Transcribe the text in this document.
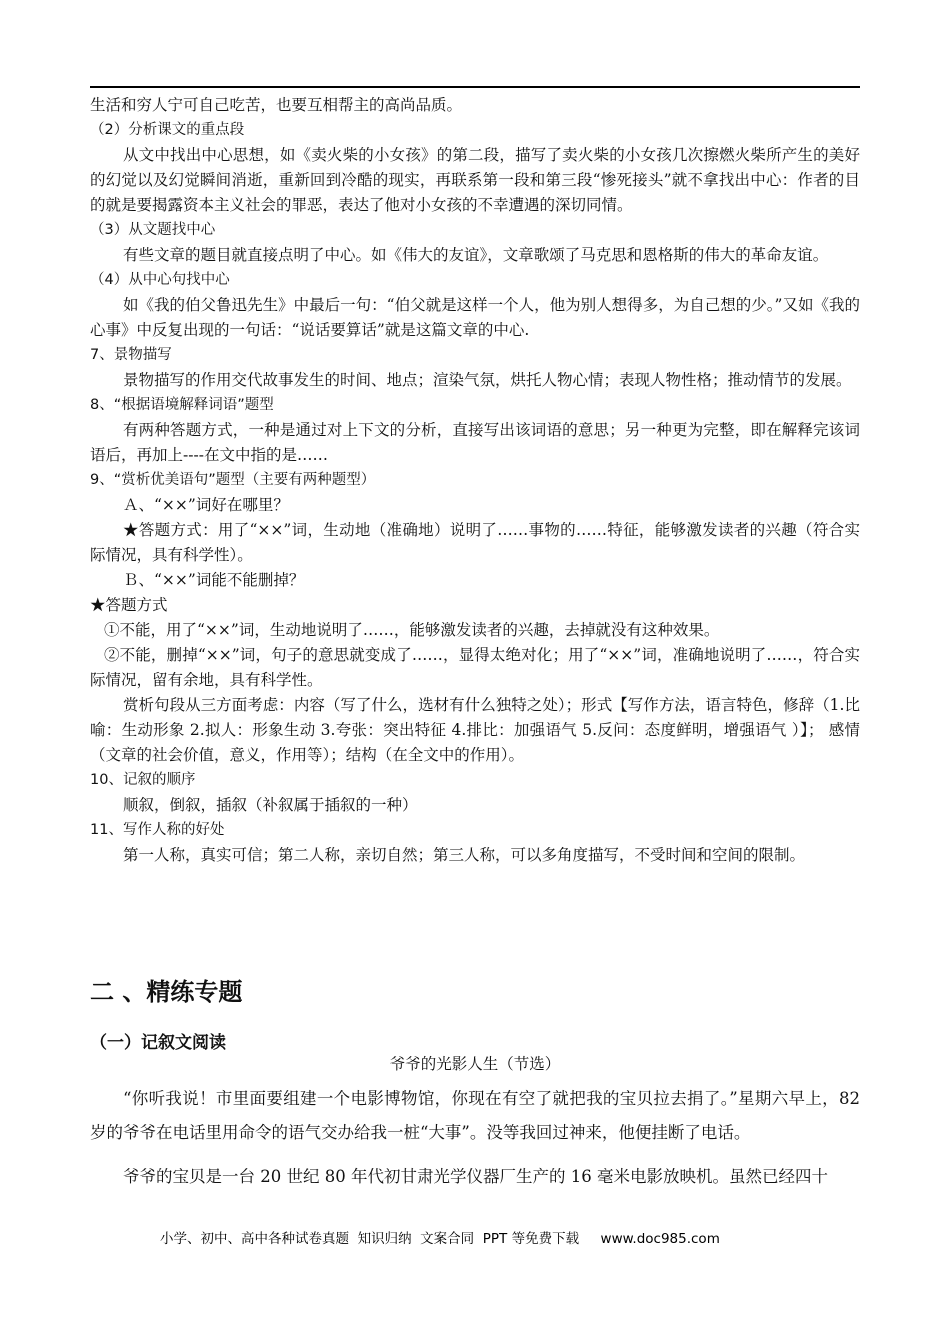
生活和穷人宁可自己吃苦，也要互相帮主的高尚品质。

（2）分析课文的重点段

从文中找出中心思想，如《卖火柴的小女孩》的第二段，描写了卖火柴的小女孩几次擦燃火柴所产生的美好的幻觉以及幻觉瞬间消逝，重新回到冷酷的现实，再联系第一段和第三段“惨死接头”就不拿找出中心：作者的目的就是要揭露资本主义社会的罪恶，表达了他对小女孩的不幸遭遇的深切同情。

（3）从文题找中心

有些文章的题目就直接点明了中心。如《伟大的友谊》，文章歌颂了马克思和恩格斯的伟大的革命友谊。

（4）从中心句找中心

如《我的伯父鲁迅先生》中最后一句：“伯父就是这样一个人，他为别人想得多，为自己想的少。”又如《我的心事》中反复出现的一句话：“说话要算话”就是这篇文章的中心.

7、景物描写

景物描写的作用交代故事发生的时间、地点；渲染气氛，烘托人物心情；表现人物性格；推动情节的发展。

8、“根据语境解释词语”题型

有两种答题方式，一种是通过对上下文的分析，直接写出该词语的意思；另一种更为完整，即在解释完该词语后，再加上----在文中指的是……

9、“赏析优美语句”题型（主要有两种题型）

Ａ、“××”词好在哪里？

★答题方式：用了“××”词，生动地（准确地）说明了……事物的……特征，能够激发读者的兴趣（符合实际情况，具有科学性）。

Ｂ、“××”词能不能删掉？

★答题方式

①不能，用了“××”词，生动地说明了……，能够激发读者的兴趣，去掉就没有这种效果。

②不能，删掉“××”词，句子的意思就变成了……，显得太绝对化；用了“××”词，准确地说明了……，符合实际情况，留有余地，具有科学性。

赏析句段从三方面考虑：内容（写了什么，选材有什么独特之处）；形式【写作方法，语言特色，修辞（1.比喻：生动形象 2.拟人：形象生动 3.夸张：突出特征 4.排比：加强语气 5.反问：态度鲜明，增强语气 ）】； 感情（文章的社会价值，意义，作用等）；结构（在全文中的作用）。

10、记叙的顺序

顺叙，倒叙，插叙（补叙属于插叙的一种）

11、写作人称的好处

第一人称，真实可信；第二人称，亲切自然；第三人称，可以多角度描写，不受时间和空间的限制。

二 、精练专题
（一）记叙文阅读

爷爷的光影人生（节选）

“你听我说！市里面要组建一个电影博物馆，你现在有空了就把我的宝贝拉去捐了。”星期六早上，82 岁的爷爷在电话里用命令的语气交办给我一桩“大事”。没等我回过神来，他便挂断了电话。

爷爷的宝贝是一台 20 世纪 80 年代初甘肃光学仪器厂生产的 16 毫米电影放映机。虽然已经四十

小学、初中、高中各种试卷真题  知识归纳  文案合同  PPT 等免费下载     www.doc985.com
